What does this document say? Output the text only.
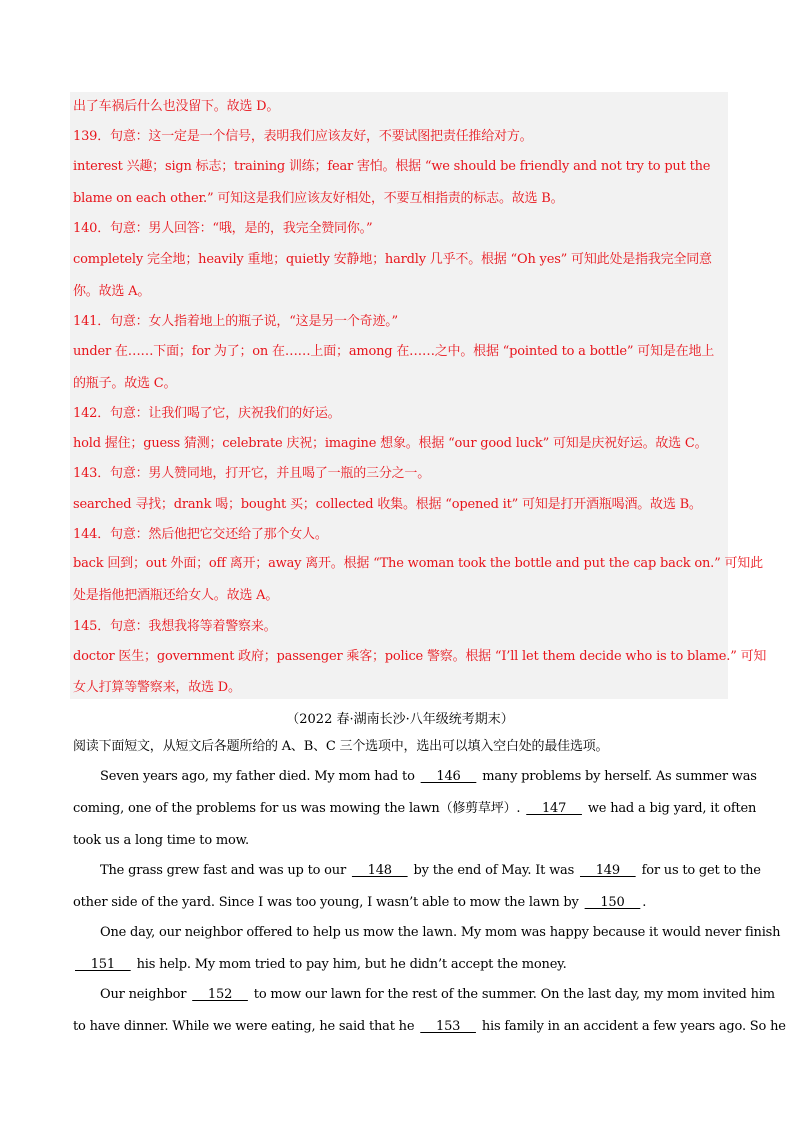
出了车祸后什么也没留下。故选 D。
139．句意：这一定是一个信号，表明我们应该友好，不要试图把责任推给对方。
interest 兴趣；sign 标志；training 训练；fear 害怕。根据 “we should be friendly and not try to put the
blame on each other.” 可知这是我们应该友好相处，不要互相指责的标志。故选 B。
140．句意：男人回答：“哦，是的，我完全赞同你。”
completely 完全地；heavily 重地；quietly 安静地；hardly 几乎不。根据 “Oh yes” 可知此处是指我完全同意
你。故选 A。
141．句意：女人指着地上的瓶子说，“这是另一个奇迹。”
under 在……下面；for 为了；on 在……上面；among 在……之中。根据 “pointed to a bottle” 可知是在地上
的瓶子。故选 C。
142．句意：让我们喝了它，庆祝我们的好运。
hold 握住；guess 猜测；celebrate 庆祝；imagine 想象。根据 “our good luck” 可知是庆祝好运。故选 C。
143．句意：男人赞同地，打开它，并且喝了一瓶的三分之一。
searched 寻找；drank 喝；bought 买；collected 收集。根据 “opened it” 可知是打开酒瓶喝酒。故选 B。
144．句意：然后他把它交还给了那个女人。
back 回到；out 外面；off 离开；away 离开。根据 “The woman took the bottle and put the cap back on.” 可知此
处是指他把酒瓶还给女人。故选 A。
145．句意：我想我将等着警察来。
doctor 医生；government 政府；passenger 乘客；police 警察。根据 “I’ll let them decide who is to blame.” 可知
女人打算等警察来，故选 D。
（2022 春·湖南长沙·八年级统考期末）
阅读下面短文，从短文后各题所给的 A、B、C 三个选项中，选出可以填入空白处的最佳选项。
Seven years ago, my father died. My mom had to     146     many problems by herself. As summer was
coming, one of the problems for us was mowing the lawn（修剪草坪）.     147     we had a big yard, it often
took us a long time to mow.
The grass grew fast and was up to our     148     by the end of May. It was     149     for us to get to the
other side of the yard. Since I was too young, I wasn’t able to mow the lawn by     150    .
One day, our neighbor offered to help us mow the lawn. My mom was happy because it would never finish
151     his help. My mom tried to pay him, but he didn’t accept the money.
Our neighbor     152     to mow our lawn for the rest of the summer. On the last day, my mom invited him
to have dinner. While we were eating, he said that he     153     his family in an accident a few years ago. So he
